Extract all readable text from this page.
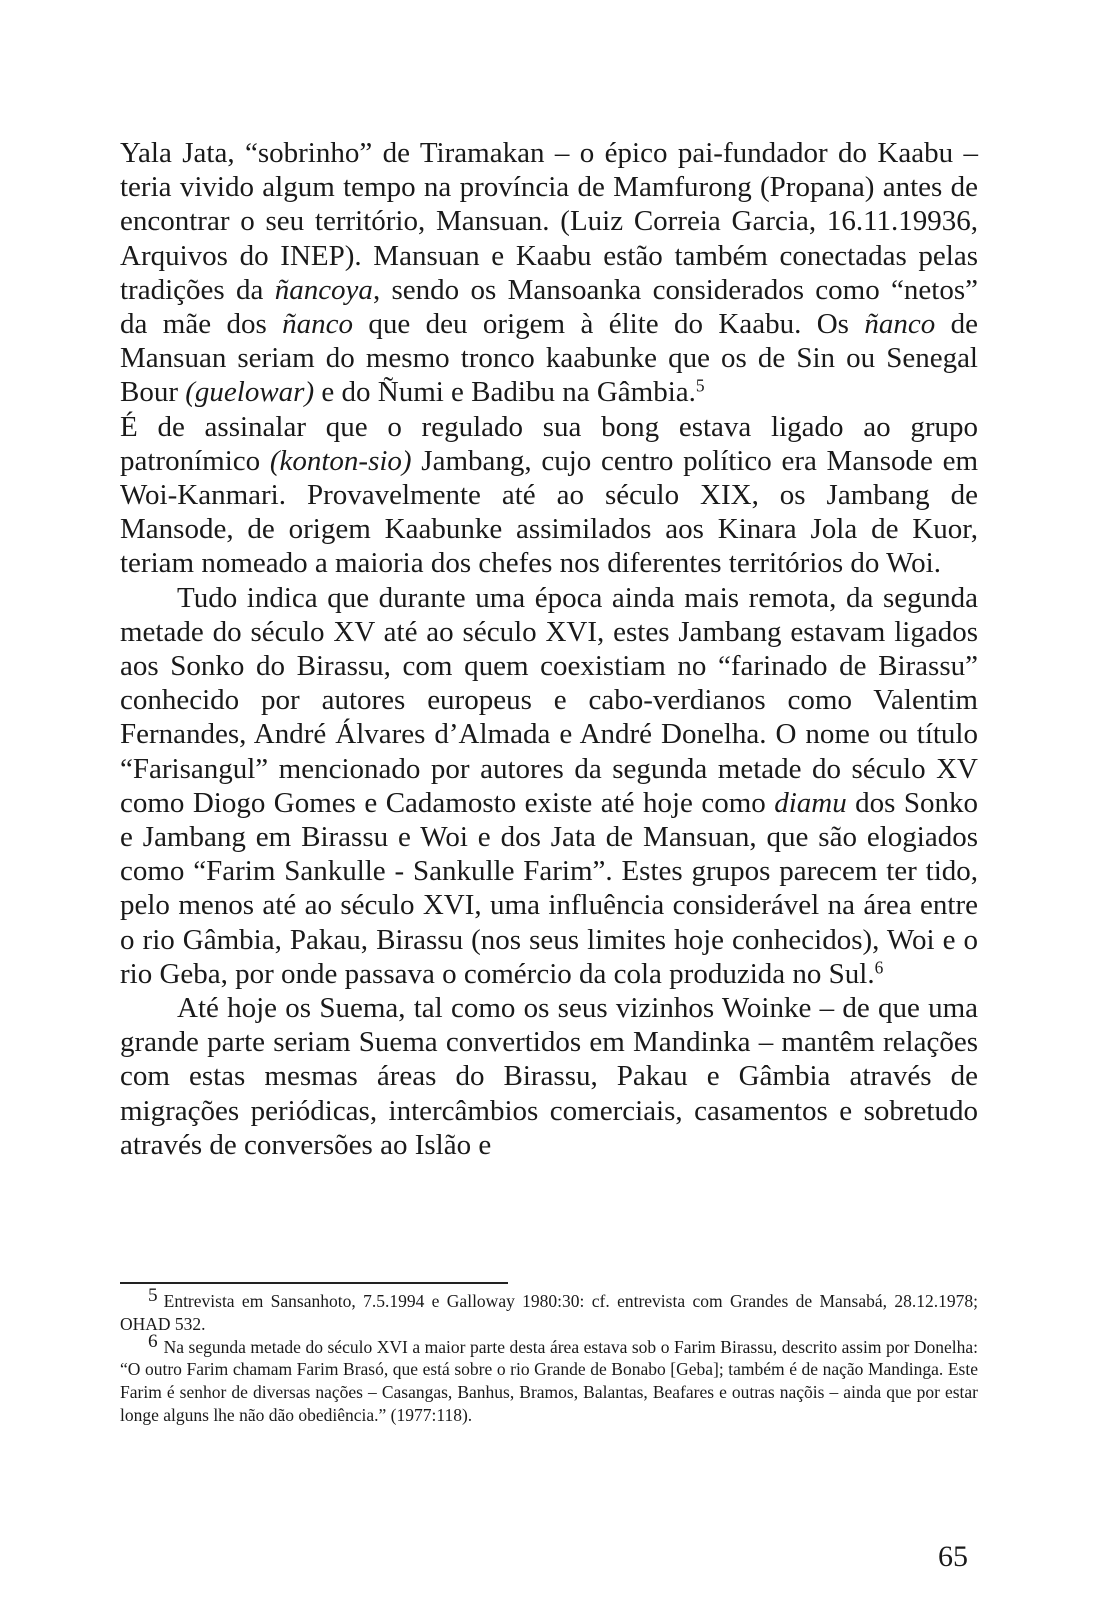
Yala Jata, “sobrinho” de Tiramakan – o épico pai-fundador do Kaabu – teria vivido algum tempo na província de Mamfurong (Propana) antes de encontrar o seu território, Mansuan. (Luiz Correia Garcia, 16.11.19936, Arquivos do INEP). Mansuan e Kaabu estão também conectadas pelas tradições da ñancoya, sendo os Mansoanka considerados como “netos” da mãe dos ñanco que deu origem à élite do Kaabu. Os ñanco de Mansuan seriam do mesmo tronco kaabunke que os de Sin ou Senegal Bour (guelowar) e do Ñumi e Badibu na Gâmbia.$^5$

É de assinalar que o regulado sua bong estava ligado ao grupo patronímico (konton-sio) Jambang, cujo centro político era Mansode em Woi-Kanmari. Provavelmente até ao século XIX, os Jambang de Mansode, de origem Kaabunke assimilados aos Kinara Jola de Kuor, teriam nomeado a maioria dos chefes nos diferentes territórios do Woi.

Tudo indica que durante uma época ainda mais remota, da segunda metade do século XV até ao século XVI, estes Jambang estavam ligados aos Sonko do Birassu, com quem coexistiam no “farinado de Birassu” conhecido por autores europeus e cabo-verdianos como Valentim Fernandes, André Álvares d’Almada e André Donelha. O nome ou título “Farisangul” mencionado por autores da segunda metade do século XV como Diogo Gomes e Cadamosto existe até hoje como diamu dos Sonko e Jambang em Birassu e Woi e dos Jata de Mansuan, que são elogiados como “Farim Sankulle - Sankulle Farim”. Estes grupos parecem ter tido, pelo menos até ao século XVI, uma influência considerável na área entre o rio Gâmbia, Pakau, Birassu (nos seus limites hoje conhecidos), Woi e o rio Geba, por onde passava o comércio da cola produzida no Sul.$^6$

Até hoje os Suema, tal como os seus vizinhos Woinke – de que uma grande parte seriam Suema convertidos em Mandinka – mantêm relações com estas mesmas áreas do Birassu, Pakau e Gâmbia através de migrações periódicas, intercâmbios comerciais, casamentos e sobretudo através de conversões ao Islão e

5 Entrevista em Sansanhoto, 7.5.1994 e Galloway 1980:30: cf. entrevista com Grandes de Mansabá, 28.12.1978; OHAD 532.

6 Na segunda metade do século XVI a maior parte desta área estava sob o Farim Birassu, descrito assim por Donelha: “O outro Farim chamam Farim Brasó, que está sobre o rio Grande de Bonabo [Geba]; também é de nação Mandinga. Este Farim é senhor de diversas nações – Casangas, Banhus, Bramos, Balantas, Beafares e outras naçõis – ainda que por estar longe alguns lhe não dão obediência.” (1977:118).

65
